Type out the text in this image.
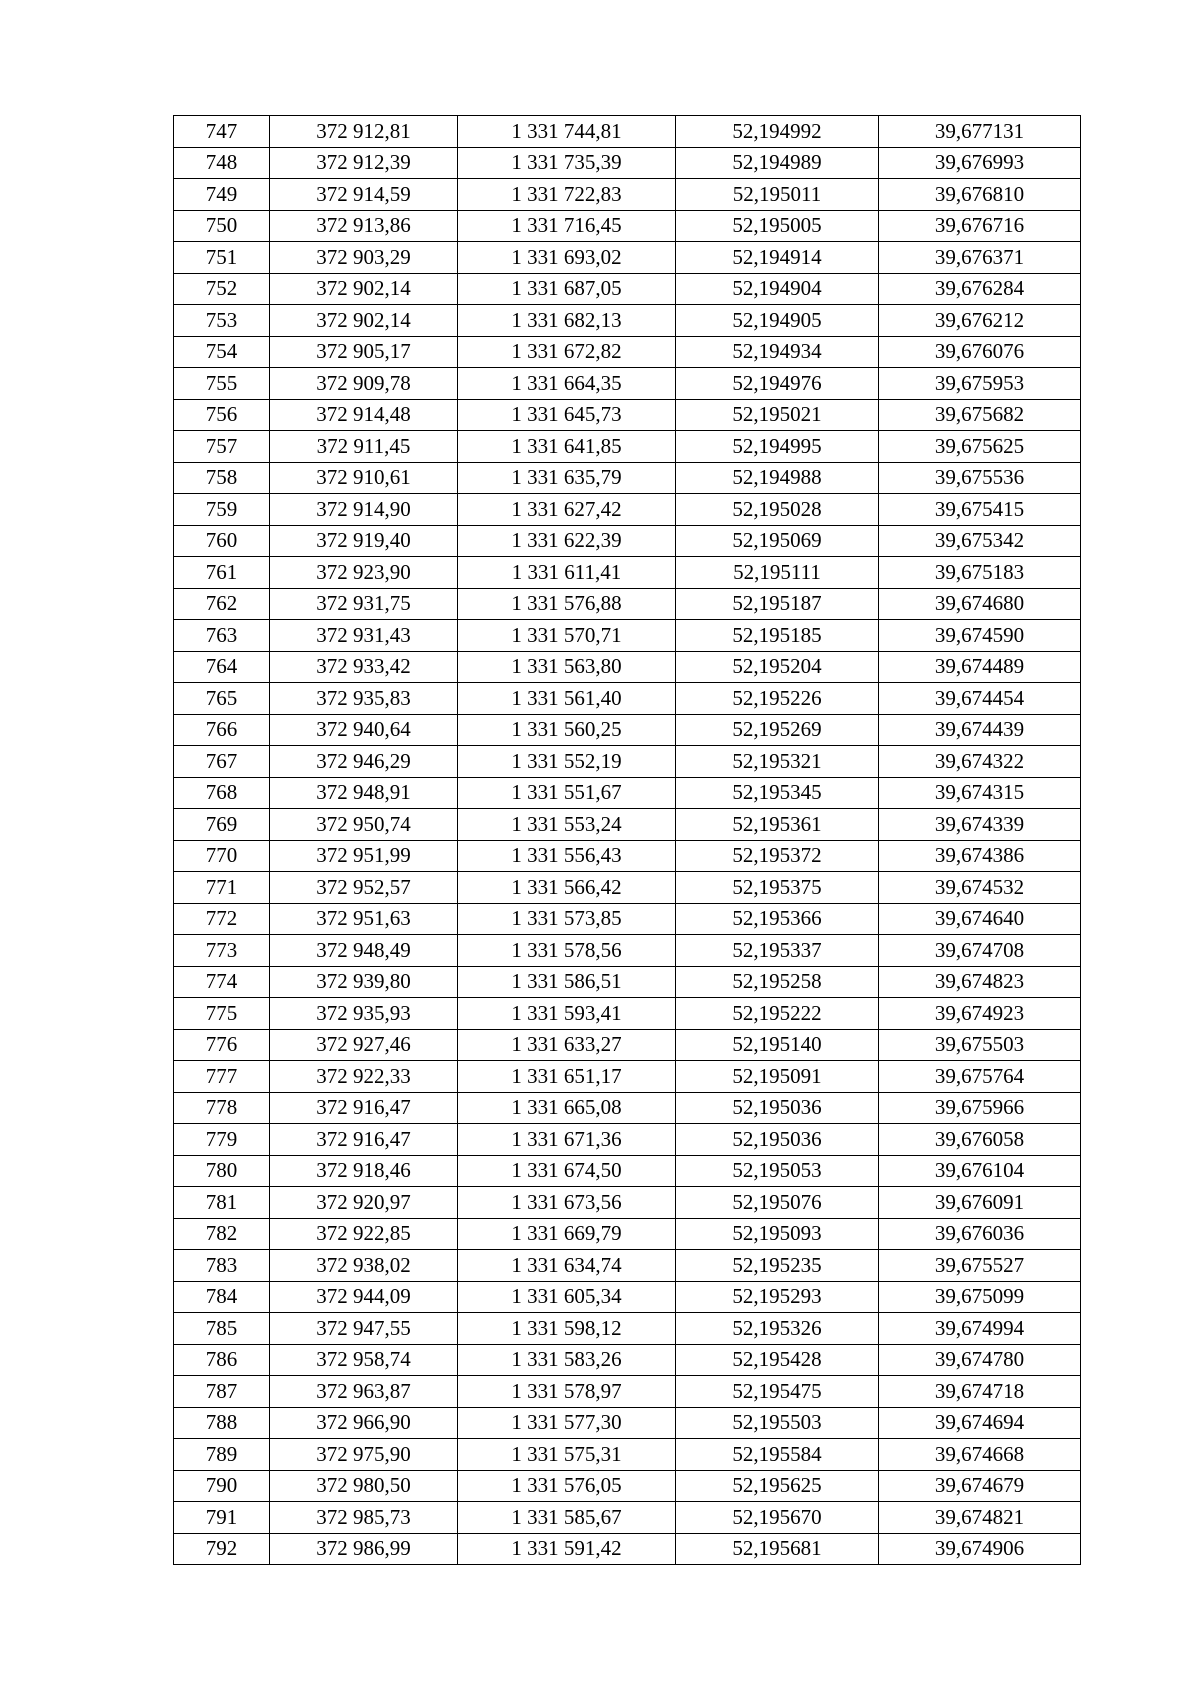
747	372 912,81	1 331 744,81	52,194992	39,677131
748	372 912,39	1 331 735,39	52,194989	39,676993
749	372 914,59	1 331 722,83	52,195011	39,676810
750	372 913,86	1 331 716,45	52,195005	39,676716
751	372 903,29	1 331 693,02	52,194914	39,676371
752	372 902,14	1 331 687,05	52,194904	39,676284
753	372 902,14	1 331 682,13	52,194905	39,676212
754	372 905,17	1 331 672,82	52,194934	39,676076
755	372 909,78	1 331 664,35	52,194976	39,675953
756	372 914,48	1 331 645,73	52,195021	39,675682
757	372 911,45	1 331 641,85	52,194995	39,675625
758	372 910,61	1 331 635,79	52,194988	39,675536
759	372 914,90	1 331 627,42	52,195028	39,675415
760	372 919,40	1 331 622,39	52,195069	39,675342
761	372 923,90	1 331 611,41	52,195111	39,675183
762	372 931,75	1 331 576,88	52,195187	39,674680
763	372 931,43	1 331 570,71	52,195185	39,674590
764	372 933,42	1 331 563,80	52,195204	39,674489
765	372 935,83	1 331 561,40	52,195226	39,674454
766	372 940,64	1 331 560,25	52,195269	39,674439
767	372 946,29	1 331 552,19	52,195321	39,674322
768	372 948,91	1 331 551,67	52,195345	39,674315
769	372 950,74	1 331 553,24	52,195361	39,674339
770	372 951,99	1 331 556,43	52,195372	39,674386
771	372 952,57	1 331 566,42	52,195375	39,674532
772	372 951,63	1 331 573,85	52,195366	39,674640
773	372 948,49	1 331 578,56	52,195337	39,674708
774	372 939,80	1 331 586,51	52,195258	39,674823
775	372 935,93	1 331 593,41	52,195222	39,674923
776	372 927,46	1 331 633,27	52,195140	39,675503
777	372 922,33	1 331 651,17	52,195091	39,675764
778	372 916,47	1 331 665,08	52,195036	39,675966
779	372 916,47	1 331 671,36	52,195036	39,676058
780	372 918,46	1 331 674,50	52,195053	39,676104
781	372 920,97	1 331 673,56	52,195076	39,676091
782	372 922,85	1 331 669,79	52,195093	39,676036
783	372 938,02	1 331 634,74	52,195235	39,675527
784	372 944,09	1 331 605,34	52,195293	39,675099
785	372 947,55	1 331 598,12	52,195326	39,674994
786	372 958,74	1 331 583,26	52,195428	39,674780
787	372 963,87	1 331 578,97	52,195475	39,674718
788	372 966,90	1 331 577,30	52,195503	39,674694
789	372 975,90	1 331 575,31	52,195584	39,674668
790	372 980,50	1 331 576,05	52,195625	39,674679
791	372 985,73	1 331 585,67	52,195670	39,674821
792	372 986,99	1 331 591,42	52,195681	39,674906
